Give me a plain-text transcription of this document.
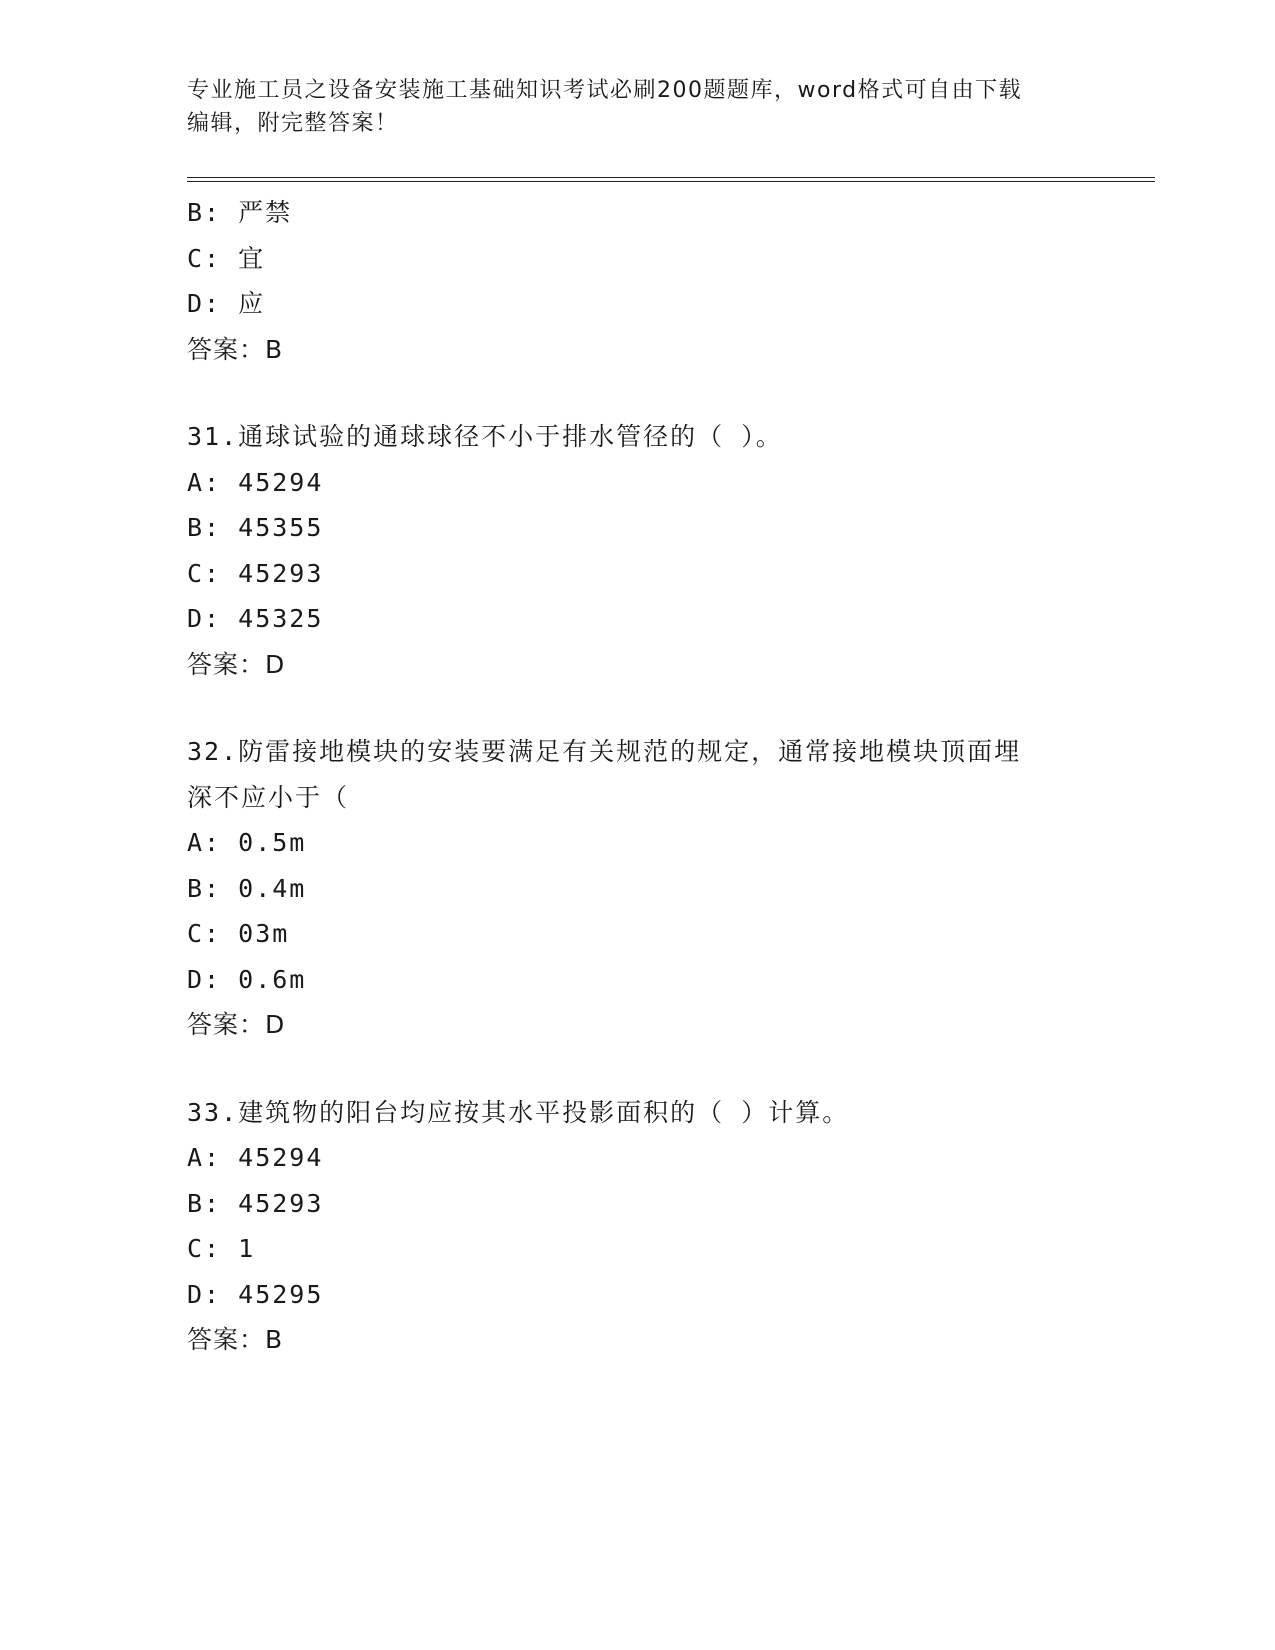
专业施工员之设备安装施工基础知识考试必刷200题题库，word格式可自由下载
编辑，附完整答案！
B: 严禁
C: 宜
D: 应
答案：B
31.通球试验的通球球径不小于排水管径的（ ）。
A: 45294
B: 45355
C: 45293
D: 45325
答案：D
32.防雷接地模块的安装要满足有关规范的规定，通常接地模块顶面埋
深不应小于（
A: 0.5m
B: 0.4m
C: 03m
D: 0.6m
答案：D
33.建筑物的阳台均应按其水平投影面积的（ ）计算。
A: 45294
B: 45293
C: 1
D: 45295
答案：B
